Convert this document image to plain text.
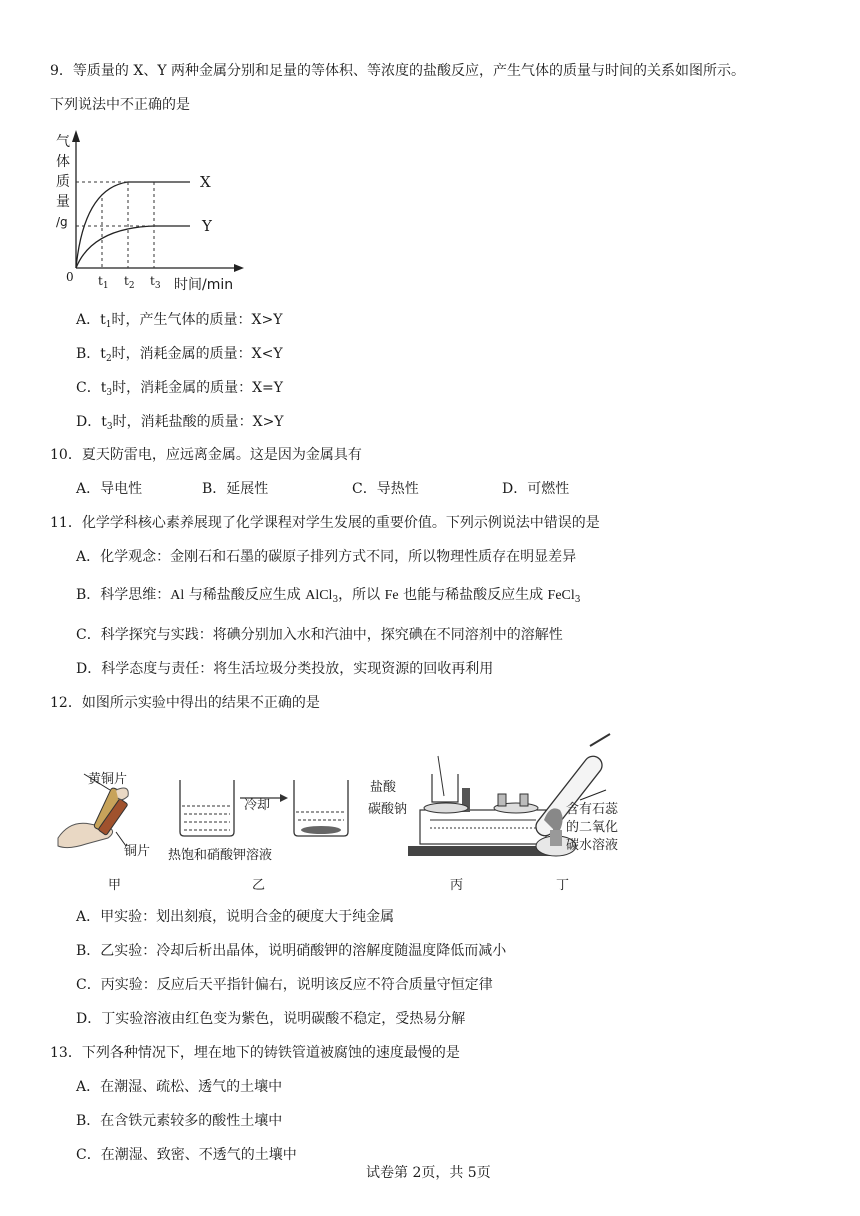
9．等质量的 X、Y 两种金属分别和足量的等体积、等浓度的盐酸反应，产生气体的质量与时间的关系如图所示。
下列说法中不正确的是
气
体
质
量
/g
X
Y
0 $t_1$ $t_2$ $t_3$ 时间/min
A．$t_1$时，产生气体的质量：X>Y
B．$t_2$时，消耗金属的质量：X<Y
C．$t_3$时，消耗金属的质量：X=Y
D．$t_3$时，消耗盐酸的质量：X>Y
10．夏天防雷电，应远离金属。这是因为金属具有
A．导电性	B．延展性	C．导热性	D．可燃性
11．化学学科核心素养展现了化学课程对学生发展的重要价值。下列示例说法中错误的是
A．化学观念：金刚石和石墨的碳原子排列方式不同，所以物理性质存在明显差异
B．科学思维：Al 与稀盐酸反应生成 AlCl$_3$，所以 Fe 也能与稀盐酸反应生成 FeCl$_3$
C．科学探究与实践：将碘分别加入水和汽油中，探究碘在不同溶剂中的溶解性
D．科学态度与责任：将生活垃圾分类投放，实现资源的回收再利用
12．如图所示实验中得出的结果不正确的是
黄铜片
铜片
冷却
热饱和硝酸钾溶液
盐酸
碳酸钠	含有石蕊
的二氧化
碳水溶液
甲	乙	丙	丁
A．甲实验：划出刻痕，说明合金的硬度大于纯金属
B．乙实验：冷却后析出晶体，说明硝酸钾的溶解度随温度降低而减小
C．丙实验：反应后天平指针偏右，说明该反应不符合质量守恒定律
D．丁实验溶液由红色变为紫色，说明碳酸不稳定，受热易分解
13．下列各种情况下，埋在地下的铸铁管道被腐蚀的速度最慢的是
A．在潮湿、疏松、透气的土壤中
B．在含铁元素较多的酸性土壤中
C．在潮湿、致密、不透气的土壤中
试卷第 2页，共 5页
